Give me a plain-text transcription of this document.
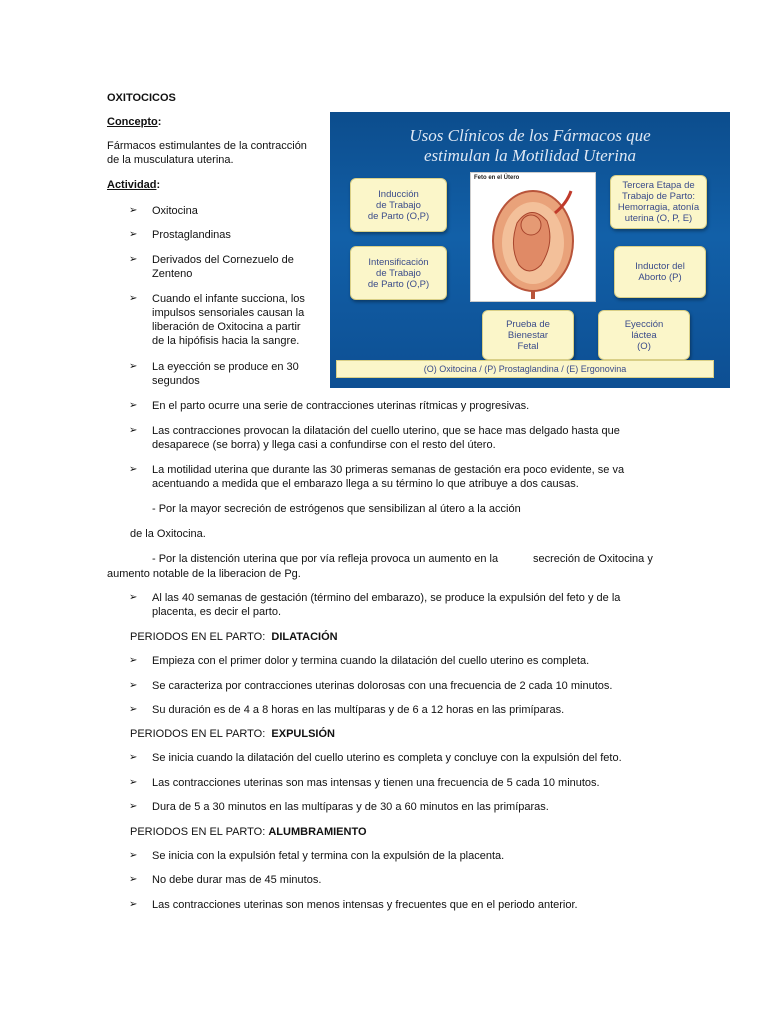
OXITOCICOS
Concepto:
Fármacos estimulantes de la contracción
de la musculatura uterina.
Actividad:
➢ Oxitocina
➢ Prostaglandinas
➢ Derivados del Cornezuelo de
Zenteno
➢ Cuando el infante succiona, los
impulsos sensoriales causan la
liberación de Oxitocina a partir
de la hipófisis hacia la sangre.
➢ La eyección se produce en 30
segundos
Usos Clínicos de los Fármacos que
estimulan la Motilidad Uterina
Inducción
de Trabajo
de Parto (O,P)
Tercera Etapa de
Trabajo de Parto:
Hemorragia, atonía
uterina (O, P, E)
Intensificación
de Trabajo
de Parto (O,P)
Inductor del
Aborto (P)
Prueba de
Bienestar
Fetal
Eyección
láctea
(O)
Feto en el Útero
(O) Oxitocina / (P) Prostaglandina / (E) Ergonovina
➢ En el parto ocurre una serie de contracciones uterinas rítmicas y progresivas.
➢ Las contracciones provocan la dilatación del cuello uterino, que se hace mas delgado hasta que
desaparece (se borra) y llega casi a confundirse con el resto del útero.
➢ La motilidad uterina que durante las 30 primeras semanas de gestación era poco evidente, se va
acentuando a medida que el embarazo llega a su término lo que atribuye a dos causas.
- Por la mayor secreción de estrógenos que sensibilizan al útero a la acción
de la Oxitocina.
- Por la distención uterina que por vía refleja provoca un aumento en la	secreción de Oxitocina y
aumento notable de la liberacion de Pg.
➢ Al las 40 semanas de gestación (término del embarazo), se produce la expulsión del feto y de la
placenta, es decir el parto.
PERIODOS EN EL PARTO:  DILATACIÓN
➢ Empieza con el primer dolor y termina cuando la dilatación del cuello uterino es completa.
➢ Se caracteriza por contracciones uterinas dolorosas con una frecuencia de 2 cada 10 minutos.
➢ Su duración es de 4 a 8 horas en las multíparas y de 6 a 12 horas en las primíparas.
PERIODOS EN EL PARTO:  EXPULSIÓN
➢ Se inicia cuando la dilatación del cuello uterino es completa y concluye con la expulsión del feto.
➢ Las contracciones uterinas son mas intensas y tienen una frecuencia de 5 cada 10 minutos.
➢ Dura de 5 a 30 minutos en las multíparas y de 30 a 60 minutos en las primíparas.
PERIODOS EN EL PARTO: ALUMBRAMIENTO
➢ Se inicia con la expulsión fetal y termina con la expulsión de la placenta.
➢ No debe durar mas de 45 minutos.
➢ Las contracciones uterinas son menos intensas y frecuentes que en el periodo anterior.
